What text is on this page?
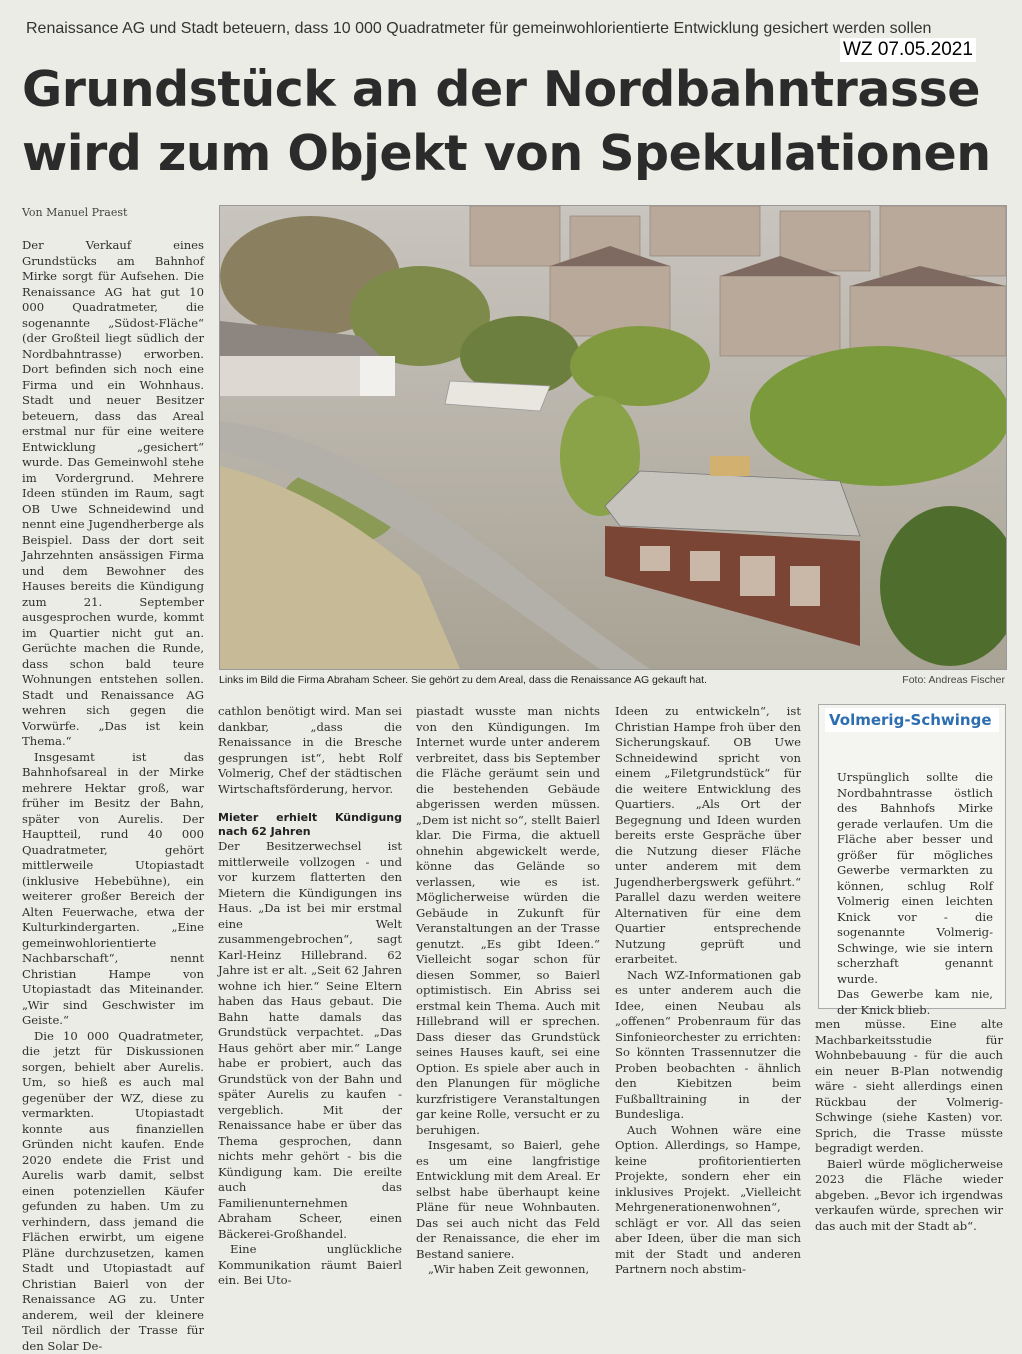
Renaissance AG und Stadt beteuern, dass 10 000 Quadratmeter für gemeinwohlorientierte Entwicklung gesichert werden sollen
WZ 07.05.2021
Grundstück an der Nordbahntrasse wird zum Objekt von Spekulationen
Von Manuel Praest

Der Verkauf eines Grundstücks am Bahnhof Mirke sorgt für Aufsehen. Die Renaissance AG hat gut 10 000 Quadratmeter, die sogenannte „Südost-Fläche“ (der Großteil liegt südlich der Nordbahntrasse) erworben. Dort befinden sich noch eine Firma und ein Wohnhaus. Stadt und neuer Besitzer beteuern, dass das Areal erstmal nur für eine weitere Entwicklung „gesichert“ wurde. Das Gemeinwohl stehe im Vordergrund. Mehrere Ideen stünden im Raum, sagt OB Uwe Schneidewind und nennt eine Jugendherberge als Beispiel. Dass der dort seit Jahrzehnten ansässigen Firma und dem Bewohner des Hauses bereits die Kündigung zum 21. September ausgesprochen wurde, kommt im Quartier nicht gut an. Gerüchte machen die Runde, dass schon bald teure Wohnungen entstehen sollen. Stadt und Renaissance AG wehren sich gegen die Vorwürfe. „Das ist kein Thema.“

Insgesamt ist das Bahnhofsareal in der Mirke mehrere Hektar groß, war früher im Besitz der Bahn, später von Aurelis. Der Hauptteil, rund 40 000 Quadratmeter, gehört mittlerweile Utopiastadt (inklusive Hebebühne), ein weiterer großer Bereich der Alten Feuerwache, etwa der Kulturkindergarten. „Eine gemeinwohlorientierte Nachbarschaft“, nennt Christian Hampe von Utopiastadt das Miteinander. „Wir sind Geschwister im Geiste.“

Die 10 000 Quadratmeter, die jetzt für Diskussionen sorgen, behielt aber Aurelis. Um, so hieß es auch mal gegenüber der WZ, diese zu vermarkten. Utopiastadt konnte aus finanziellen Gründen nicht kaufen. Ende 2020 endete die Frist und Aurelis warb damit, selbst einen potenziellen Käufer gefunden zu haben. Um zu verhindern, dass jemand die Flächen erwirbt, um eigene Pläne durchzusetzen, kamen Stadt und Utopiastadt auf Christian Baierl von der Renaissance AG zu. Unter anderem, weil der kleinere Teil nördlich der Trasse für den Solar De-

Links im Bild die Firma Abraham Scheer. Sie gehört zu dem Areal, dass die Renaissance AG gekauft hat.	Foto: Andreas Fischer

cathlon benötigt wird. Man sei dankbar, „dass die Renaissance in die Bresche gesprungen ist“, hebt Rolf Volmerig, Chef der städtischen Wirtschaftsförderung, hervor.

Mieter erhielt Kündigung nach 62 Jahren

Der Besitzerwechsel ist mittlerweile vollzogen - und vor kurzem flatterten den Mietern die Kündigungen ins Haus. „Da ist bei mir erstmal eine Welt zusammengebrochen“, sagt Karl-Heinz Hillebrand. 62 Jahre ist er alt. „Seit 62 Jahren wohne ich hier.“ Seine Eltern haben das Haus gebaut. Die Bahn hatte damals das Grundstück verpachtet. „Das Haus gehört aber mir.“ Lange habe er probiert, auch das Grundstück von der Bahn und später Aurelis zu kaufen - vergeblich. Mit der Renaissance habe er über das Thema gesprochen, dann nichts mehr gehört - bis die Kündigung kam. Die ereilte auch das Familienunternehmen Abraham Scheer, einen Bäckerei-Großhandel.

Eine unglückliche Kommunikation räumt Baierl ein. Bei Uto-

piastadt wusste man nichts von den Kündigungen. Im Internet wurde unter anderem verbreitet, dass bis September die Fläche geräumt sein und die bestehenden Gebäude abgerissen werden müssen. „Dem ist nicht so“, stellt Baierl klar. Die Firma, die aktuell ohnehin abgewickelt werde, könne das Gelände so verlassen, wie es ist. Möglicherweise würden die Gebäude in Zukunft für Veranstaltungen an der Trasse genutzt. „Es gibt Ideen.“ Vielleicht sogar schon für diesen Sommer, so Baierl optimistisch. Ein Abriss sei erstmal kein Thema. Auch mit Hillebrand will er sprechen. Dass dieser das Grundstück seines Hauses kauft, sei eine Option. Es spiele aber auch in den Planungen für mögliche kurzfristigere Veranstaltungen gar keine Rolle, versucht er zu beruhigen.

Insgesamt, so Baierl, gehe es um eine langfristige Entwicklung mit dem Areal. Er selbst habe überhaupt keine Pläne für neue Wohnbauten. Das sei auch nicht das Feld der Renaissance, die eher im Bestand saniere.

„Wir haben Zeit gewonnen,

Ideen zu entwickeln“, ist Christian Hampe froh über den Sicherungskauf. OB Uwe Schneidewind spricht von einem „Filetgrundstück“ für die weitere Entwicklung des Quartiers. „Als Ort der Begegnung und Ideen wurden bereits erste Gespräche über die Nutzung dieser Fläche unter anderem mit dem Jugendherbergswerk geführt.“ Parallel dazu werden weitere Alternativen für eine dem Quartier entsprechende Nutzung geprüft und erarbeitet.

Nach WZ-Informationen gab es unter anderem auch die Idee, einen Neubau als „offenen“ Probenraum für das Sinfonieorchester zu errichten: So könnten Trassennutzer die Proben beobachten - ähnlich den Kiebitzen beim Fußballtraining in der Bundesliga.

Auch Wohnen wäre eine Option. Allerdings, so Hampe, keine profitorientierten Projekte, sondern eher ein inklusives Projekt. „Vielleicht Mehrgenerationenwohnen“, schlägt er vor. All das seien aber Ideen, über die man sich mit der Stadt und anderen Partnern noch abstim-

Volmerig-Schwinge
Urspünglich sollte die Nordbahntrasse östlich des Bahnhofs Mirke gerade verlaufen. Um die Fläche aber besser und größer für mögliches Gewerbe vermarkten zu können, schlug Rolf Volmerig einen leichten Knick vor - die sogenannte Volmerig-Schwinge, wie sie intern scherzhaft genannt wurde.
Das Gewerbe kam nie, der Knick blieb.

men müsse. Eine alte Machbarkeitsstudie für Wohnbebauung - für die auch ein neuer B-Plan notwendig wäre - sieht allerdings einen Rückbau der Volmerig-Schwinge (siehe Kasten) vor. Sprich, die Trasse müsste begradigt werden.

Baierl würde möglicherweise 2023 die Fläche wieder abgeben. „Bevor ich irgendwas verkaufen würde, sprechen wir das auch mit der Stadt ab“.
